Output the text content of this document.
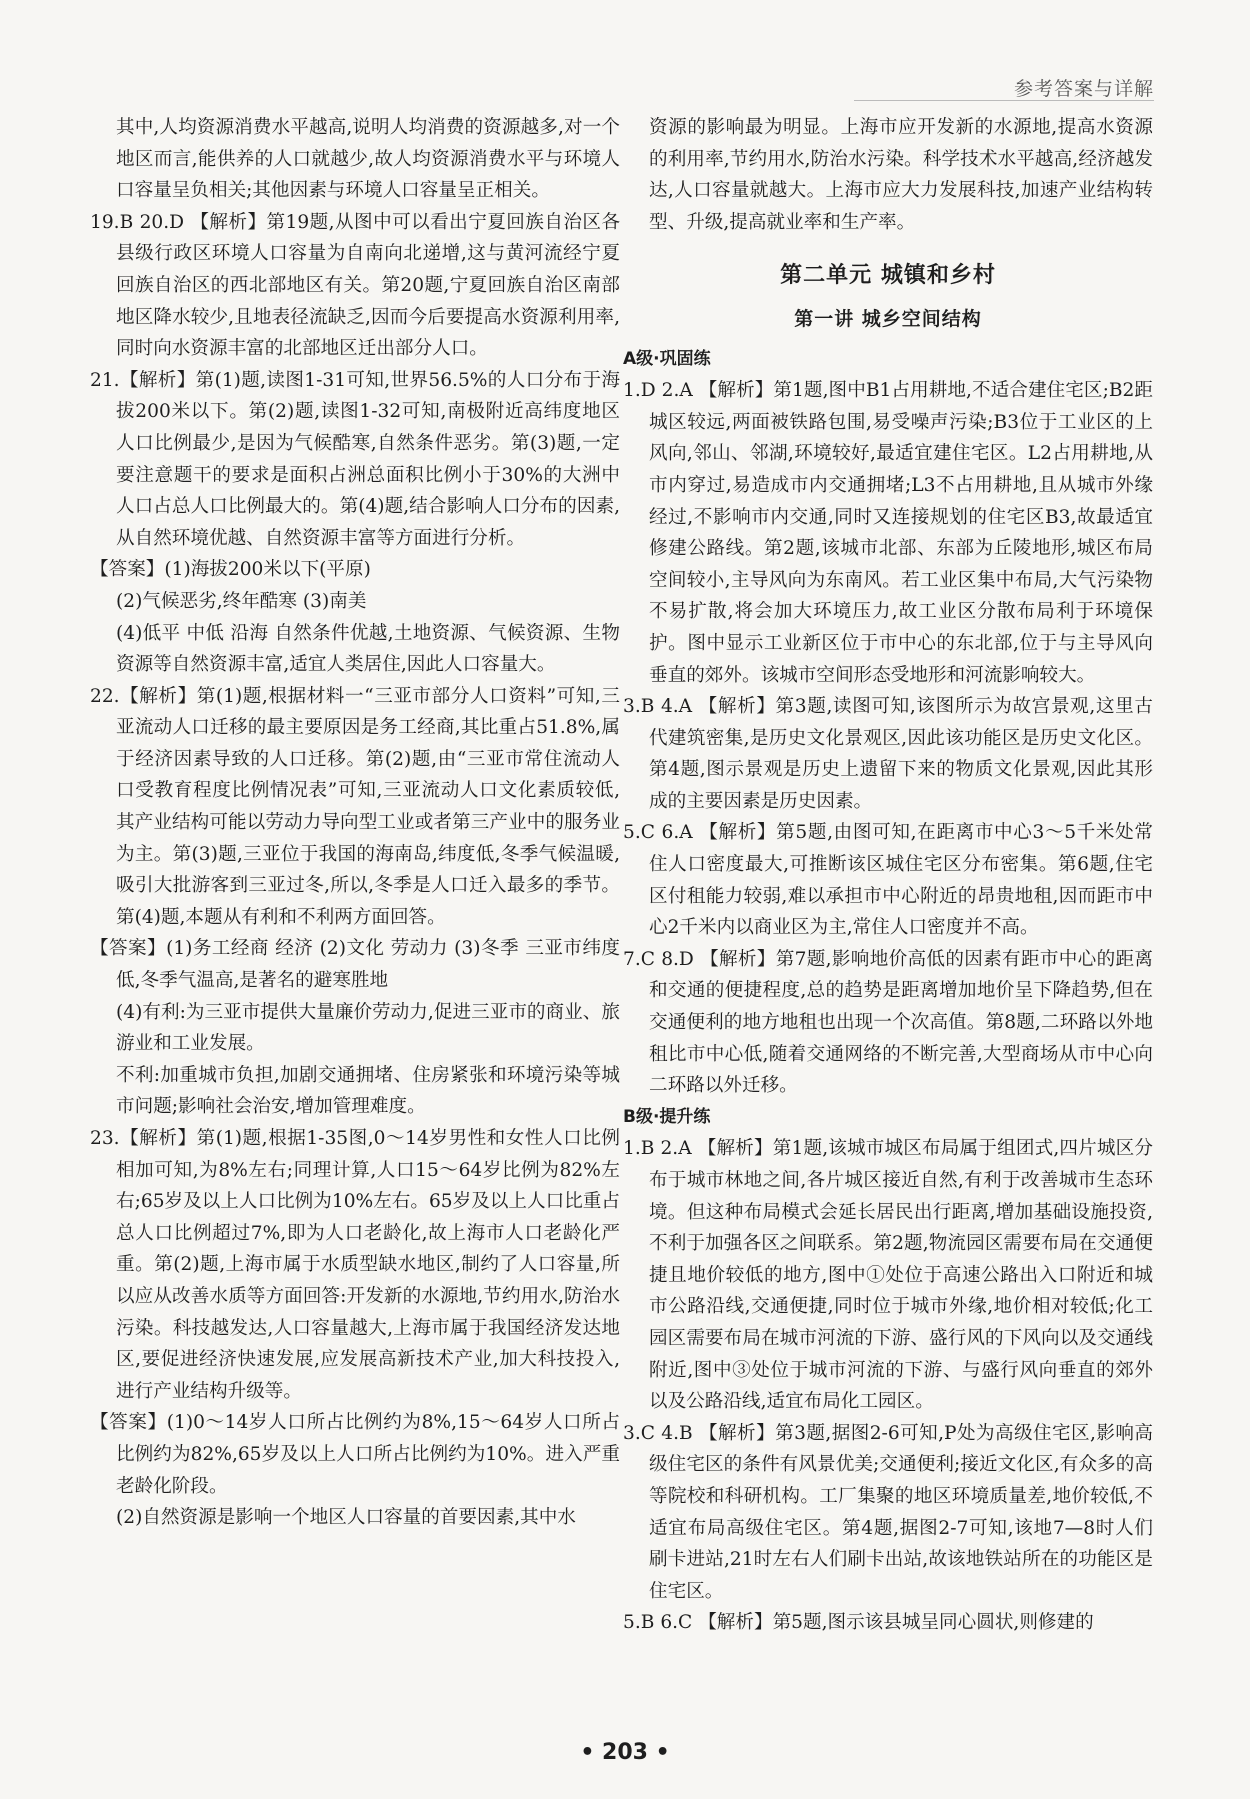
参考答案与详解

其中,人均资源消费水平越高,说明人均消费的资源越多,对一个地区而言,能供养的人口就越少,故人均资源消费水平与环境人口容量呈负相关;其他因素与环境人口容量呈正相关。

19.B 20.D 【解析】第19题,从图中可以看出宁夏回族自治区各县级行政区环境人口容量为自南向北递增,这与黄河流经宁夏回族自治区的西北部地区有关。第20题,宁夏回族自治区南部地区降水较少,且地表径流缺乏,因而今后要提高水资源利用率,同时向水资源丰富的北部地区迁出部分人口。

21.【解析】第(1)题,读图1-31可知,世界56.5%的人口分布于海拔200米以下。第(2)题,读图1-32可知,南极附近高纬度地区人口比例最少,是因为气候酷寒,自然条件恶劣。第(3)题,一定要注意题干的要求是面积占洲总面积比例小于30%的大洲中人口占总人口比例最大的。第(4)题,结合影响人口分布的因素,从自然环境优越、自然资源丰富等方面进行分析。

【答案】(1)海拔200米以下(平原)

(2)气候恶劣,终年酷寒 (3)南美

(4)低平 中低 沿海 自然条件优越,土地资源、气候资源、生物资源等自然资源丰富,适宜人类居住,因此人口容量大。

22.【解析】第(1)题,根据材料一“三亚市部分人口资料”可知,三亚流动人口迁移的最主要原因是务工经商,其比重占51.8%,属于经济因素导致的人口迁移。第(2)题,由“三亚市常住流动人口受教育程度比例情况表”可知,三亚流动人口文化素质较低,其产业结构可能以劳动力导向型工业或者第三产业中的服务业为主。第(3)题,三亚位于我国的海南岛,纬度低,冬季气候温暖,吸引大批游客到三亚过冬,所以,冬季是人口迁入最多的季节。第(4)题,本题从有利和不利两方面回答。

【答案】(1)务工经商 经济 (2)文化 劳动力 (3)冬季 三亚市纬度低,冬季气温高,是著名的避寒胜地

(4)有利:为三亚市提供大量廉价劳动力,促进三亚市的商业、旅游业和工业发展。

不利:加重城市负担,加剧交通拥堵、住房紧张和环境污染等城市问题;影响社会治安,增加管理难度。

23.【解析】第(1)题,根据1-35图,0～14岁男性和女性人口比例相加可知,为8%左右;同理计算,人口15～64岁比例为82%左右;65岁及以上人口比例为10%左右。65岁及以上人口比重占总人口比例超过7%,即为人口老龄化,故上海市人口老龄化严重。第(2)题,上海市属于水质型缺水地区,制约了人口容量,所以应从改善水质等方面回答:开发新的水源地,节约用水,防治水污染。科技越发达,人口容量越大,上海市属于我国经济发达地区,要促进经济快速发展,应发展高新技术产业,加大科技投入,进行产业结构升级等。

【答案】(1)0～14岁人口所占比例约为8%,15～64岁人口所占比例约为82%,65岁及以上人口所占比例约为10%。进入严重老龄化阶段。

(2)自然资源是影响一个地区人口容量的首要因素,其中水

资源的影响最为明显。上海市应开发新的水源地,提高水资源的利用率,节约用水,防治水污染。科学技术水平越高,经济越发达,人口容量就越大。上海市应大力发展科技,加速产业结构转型、升级,提高就业率和生产率。

第二单元 城镇和乡村
第一讲 城乡空间结构
A级·巩固练

1.D 2.A 【解析】第1题,图中B1占用耕地,不适合建住宅区;B2距城区较远,两面被铁路包围,易受噪声污染;B3位于工业区的上风向,邻山、邻湖,环境较好,最适宜建住宅区。L2占用耕地,从市内穿过,易造成市内交通拥堵;L3不占用耕地,且从城市外缘经过,不影响市内交通,同时又连接规划的住宅区B3,故最适宜修建公路线。第2题,该城市北部、东部为丘陵地形,城区布局空间较小,主导风向为东南风。若工业区集中布局,大气污染物不易扩散,将会加大环境压力,故工业区分散布局利于环境保护。图中显示工业新区位于市中心的东北部,位于与主导风向垂直的郊外。该城市空间形态受地形和河流影响较大。

3.B 4.A 【解析】第3题,读图可知,该图所示为故宫景观,这里古代建筑密集,是历史文化景观区,因此该功能区是历史文化区。第4题,图示景观是历史上遗留下来的物质文化景观,因此其形成的主要因素是历史因素。

5.C 6.A 【解析】第5题,由图可知,在距离市中心3～5千米处常住人口密度最大,可推断该区城住宅区分布密集。第6题,住宅区付租能力较弱,难以承担市中心附近的昂贵地租,因而距市中心2千米内以商业区为主,常住人口密度并不高。

7.C 8.D 【解析】第7题,影响地价高低的因素有距市中心的距离和交通的便捷程度,总的趋势是距离增加地价呈下降趋势,但在交通便利的地方地租也出现一个次高值。第8题,二环路以外地租比市中心低,随着交通网络的不断完善,大型商场从市中心向二环路以外迁移。

B级·提升练

1.B 2.A 【解析】第1题,该城市城区布局属于组团式,四片城区分布于城市林地之间,各片城区接近自然,有利于改善城市生态环境。但这种布局模式会延长居民出行距离,增加基础设施投资,不利于加强各区之间联系。第2题,物流园区需要布局在交通便捷且地价较低的地方,图中①处位于高速公路出入口附近和城市公路沿线,交通便捷,同时位于城市外缘,地价相对较低;化工园区需要布局在城市河流的下游、盛行风的下风向以及交通线附近,图中③处位于城市河流的下游、与盛行风向垂直的郊外以及公路沿线,适宜布局化工园区。

3.C 4.B 【解析】第3题,据图2-6可知,P处为高级住宅区,影响高级住宅区的条件有风景优美;交通便利;接近文化区,有众多的高等院校和科研机构。工厂集聚的地区环境质量差,地价较低,不适宜布局高级住宅区。第4题,据图2-7可知,该地7—8时人们刷卡进站,21时左右人们刷卡出站,故该地铁站所在的功能区是住宅区。

5.B 6.C 【解析】第5题,图示该县城呈同心圆状,则修建的

• 203 •
